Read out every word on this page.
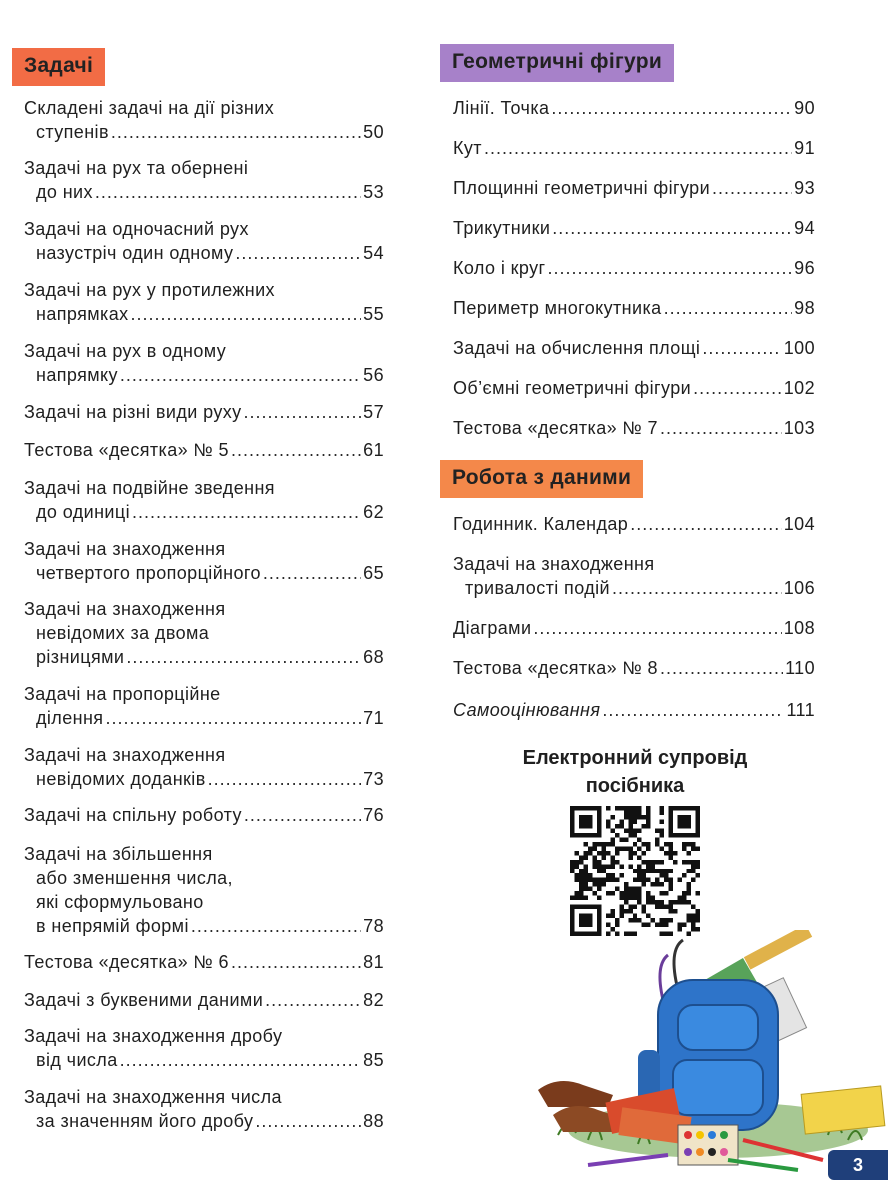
Задачі	Геометричні фігури
Робота з даними
Складені задачі на дії різних
ступенів .....	50
Задачі на рух та обернені
до них .....	53
Задачі на одночасний рух
назустріч один одному .....	54
Задачі на рух у протилежних
напрямках .....	55
Задачі на рух в одному
напрямку .....	56
Задачі на різні види руху .....	57
Тестова «десятка» № 5 .....	61
Задачі на подвійне зведення
до одиниці .....	62
Задачі на знаходження
четвертого пропорційного .....	65
Задачі на знаходження
невідомих за двома
різницями .....	68
Задачі на пропорційне
ділення .....	71
Задачі на знаходження
невідомих доданків .....	73
Задачі на спільну роботу .....	76
Задачі на збільшення
або зменшення числа,
які сформульовано
в непрямій формі .....	78
Тестова «десятка» № 6 .....	81
Задачі з буквеними даними .....	82
Задачі на знаходження дробу
від числа .....	85
Задачі на знаходження числа
за значенням його дробу .....	88
Лінії. Точка .....	90
Кут .....	91
Площинні геометричні фігури .....	93
Трикутники .....	94
Коло і круг .....	96
Периметр многокутника .....	98
Задачі на обчислення площі .....	100
Об’ємні геометричні фігури .....	102
Тестова «десятка» № 7 .....	103
Годинник. Календар .....	104
Задачі на знаходження
тривалості подій .....	106
Діаграми .....	108
Тестова «десятка» № 8 .....	110
Самооцінювання .....	111
Електронний супровід
посібника
3
